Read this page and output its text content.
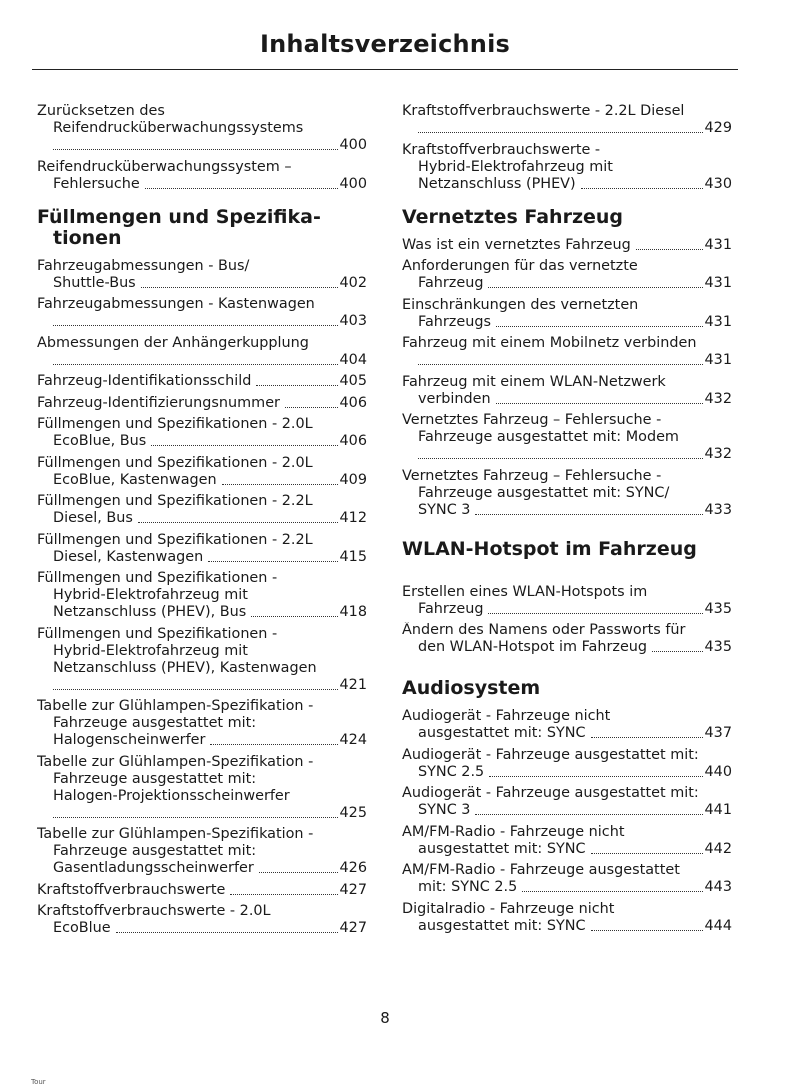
Inhaltsverzeichnis
Zurücksetzen des
Reifendrucküberwachungssystems
400
Reifendrucküberwachungssystem –
Fehlersuche	400
Füllmengen und Spezifika-
tionen
Fahrzeugabmessungen - Bus/
Shuttle-Bus	402
Fahrzeugabmessungen - Kastenwagen
403
Abmessungen der Anhängerkupplung
404
Fahrzeug-Identifikationsschild	405
Fahrzeug-Identifizierungsnummer	406
Füllmengen und Spezifikationen - 2.0L
EcoBlue, Bus	406
Füllmengen und Spezifikationen - 2.0L
EcoBlue, Kastenwagen	409
Füllmengen und Spezifikationen - 2.2L
Diesel, Bus	412
Füllmengen und Spezifikationen - 2.2L
Diesel, Kastenwagen	415
Füllmengen und Spezifikationen -
Hybrid-Elektrofahrzeug mit
Netzanschluss (PHEV), Bus	418
Füllmengen und Spezifikationen -
Hybrid-Elektrofahrzeug mit
Netzanschluss (PHEV), Kastenwagen
421
Tabelle zur Glühlampen-Spezifikation -
Fahrzeuge ausgestattet mit:
Halogenscheinwerfer	424
Tabelle zur Glühlampen-Spezifikation -
Fahrzeuge ausgestattet mit:
Halogen-Projektionsscheinwerfer
425
Tabelle zur Glühlampen-Spezifikation -
Fahrzeuge ausgestattet mit:
Gasentladungsscheinwerfer	426
Kraftstoffverbrauchswerte	427
Kraftstoffverbrauchswerte - 2.0L
EcoBlue	427
Kraftstoffverbrauchswerte - 2.2L Diesel
429
Kraftstoffverbrauchswerte -
Hybrid-Elektrofahrzeug mit
Netzanschluss (PHEV)	430
Vernetztes Fahrzeug
Was ist ein vernetztes Fahrzeug	431
Anforderungen für das vernetzte
Fahrzeug	431
Einschränkungen des vernetzten
Fahrzeugs	431
Fahrzeug mit einem Mobilnetz verbinden
431
Fahrzeug mit einem WLAN-Netzwerk
verbinden	432
Vernetztes Fahrzeug – Fehlersuche -
Fahrzeuge ausgestattet mit: Modem
432
Vernetztes Fahrzeug – Fehlersuche -
Fahrzeuge ausgestattet mit: SYNC/
SYNC 3	433
WLAN-Hotspot im Fahrzeug
Erstellen eines WLAN-Hotspots im
Fahrzeug	435
Ändern des Namens oder Passworts für
den WLAN-Hotspot im Fahrzeug	435
Audiosystem
Audiogerät - Fahrzeuge nicht
ausgestattet mit: SYNC	437
Audiogerät - Fahrzeuge ausgestattet mit:
SYNC 2.5	440
Audiogerät - Fahrzeuge ausgestattet mit:
SYNC 3	441
AM/FM-Radio - Fahrzeuge nicht
ausgestattet mit: SYNC	442
AM/FM-Radio - Fahrzeuge ausgestattet
mit: SYNC 2.5	443
Digitalradio - Fahrzeuge nicht
ausgestattet mit: SYNC	444
8
Tour
